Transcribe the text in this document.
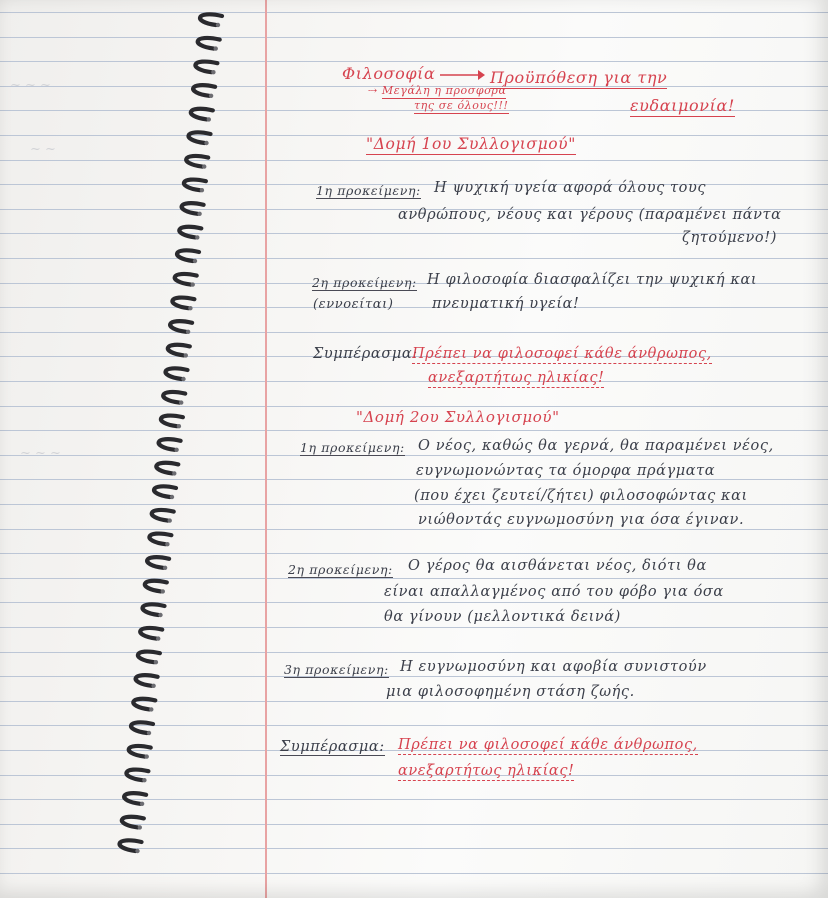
~ ~ ~
~ ~
~ ~ ~
Φιλοσοφία	Προϋπόθεση για την
⇢ Μεγάλη η προσφορά
της σε όλους!!!	ευδαιμονία!
"Δομή 1ου Συλλογισμού"
1η προκείμενη: Η ψυχική υγεία αφορά όλους τους
ανθρώπους, νέους και γέρους (παραμένει πάντα
ζητούμενο!)
2η προκείμενη: Η φιλοσοφία διασφαλίζει την ψυχική και
(εννοείται)	πνευματική υγεία!
Συμπέρασμα:
Πρέπει να φιλοσοφεί κάθε άνθρωπος,
ανεξαρτήτως ηλικίας!
"Δομή 2ου Συλλογισμού"
1η προκείμενη: Ο νέος, καθώς θα γερνά, θα παραμένει νέος,
ευγνωμονώντας τα όμορφα πράγματα
(που έχει ζευτεί/ζήτει) φιλοσοφώντας και
νιώθοντάς ευγνωμοσύνη για όσα έγιναν.
2η προκείμενη: Ο γέρος θα αισθάνεται νέος, διότι θα
είναι απαλλαγμένος από του φόβο για όσα
θα γίνουν (μελλοντικά δεινά)
3η προκείμενη: Η ευγνωμοσύνη και αφοβία συνιστούν
μια φιλοσοφημένη στάση ζωής.
Συμπέρασμα: Πρέπει να φιλοσοφεί κάθε άνθρωπος,
ανεξαρτήτως ηλικίας!
